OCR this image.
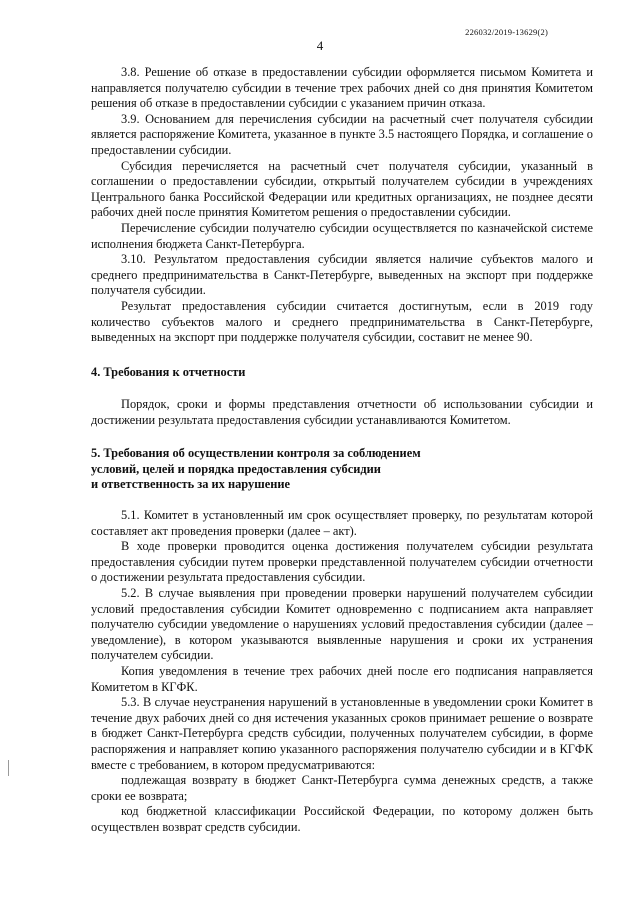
226032/2019-13629(2)
4

3.8. Решение об отказе в предоставлении субсидии оформляется письмом Комитета и направляется получателю субсидии в течение трех рабочих дней со дня принятия Комитетом решения об отказе в предоставлении субсидии с указанием причин отказа.

3.9. Основанием для перечисления субсидии на расчетный счет получателя субсидии является распоряжение Комитета, указанное в пункте 3.5 настоящего Порядка, и соглашение о предоставлении субсидии.

Субсидия перечисляется на расчетный счет получателя субсидии, указанный в соглашении о предоставлении субсидии, открытый получателем субсидии в учреждениях Центрального банка Российской Федерации или кредитных организациях, не позднее десяти рабочих дней после принятия Комитетом решения о предоставлении субсидии.

Перечисление субсидии получателю субсидии осуществляется по казначейской системе исполнения бюджета Санкт-Петербурга.

3.10. Результатом предоставления субсидии является наличие субъектов малого и среднего предпринимательства в Санкт-Петербурге, выведенных на экспорт при поддержке получателя субсидии.

Результат предоставления субсидии считается достигнутым, если в 2019 году количество субъектов малого и среднего предпринимательства в Санкт-Петербурге, выведенных на экспорт при поддержке получателя субсидии, составит не менее 90.

4. Требования к отчетности

Порядок, сроки и формы представления отчетности об использовании субсидии и достижении результата предоставления субсидии устанавливаются Комитетом.

5. Требования об осуществлении контроля за соблюдением
условий, целей и порядка предоставления субсидии
и ответственность за их нарушение

5.1. Комитет в установленный им срок осуществляет проверку, по результатам которой составляет акт проведения проверки (далее – акт).

В ходе проверки проводится оценка достижения получателем субсидии результата предоставления субсидии путем проверки представленной получателем субсидии отчетности о достижении результата предоставления субсидии.

5.2. В случае выявления при проведении проверки нарушений получателем субсидии условий предоставления субсидии Комитет одновременно с подписанием акта направляет получателю субсидии уведомление о нарушениях условий предоставления субсидии (далее – уведомление), в котором указываются выявленные нарушения и сроки их устранения получателем субсидии.

Копия уведомления в течение трех рабочих дней после его подписания направляется Комитетом в КГФК.

5.3. В случае неустранения нарушений в установленные в уведомлении сроки Комитет в течение двух рабочих дней со дня истечения указанных сроков принимает решение о возврате в бюджет Санкт-Петербурга средств субсидии, полученных получателем субсидии, в форме распоряжения и направляет копию указанного распоряжения получателю субсидии и в КГФК вместе с требованием, в котором предусматриваются:

подлежащая возврату в бюджет Санкт-Петербурга сумма денежных средств, а также сроки ее возврата;

код бюджетной классификации Российской Федерации, по которому должен быть осуществлен возврат средств субсидии.
